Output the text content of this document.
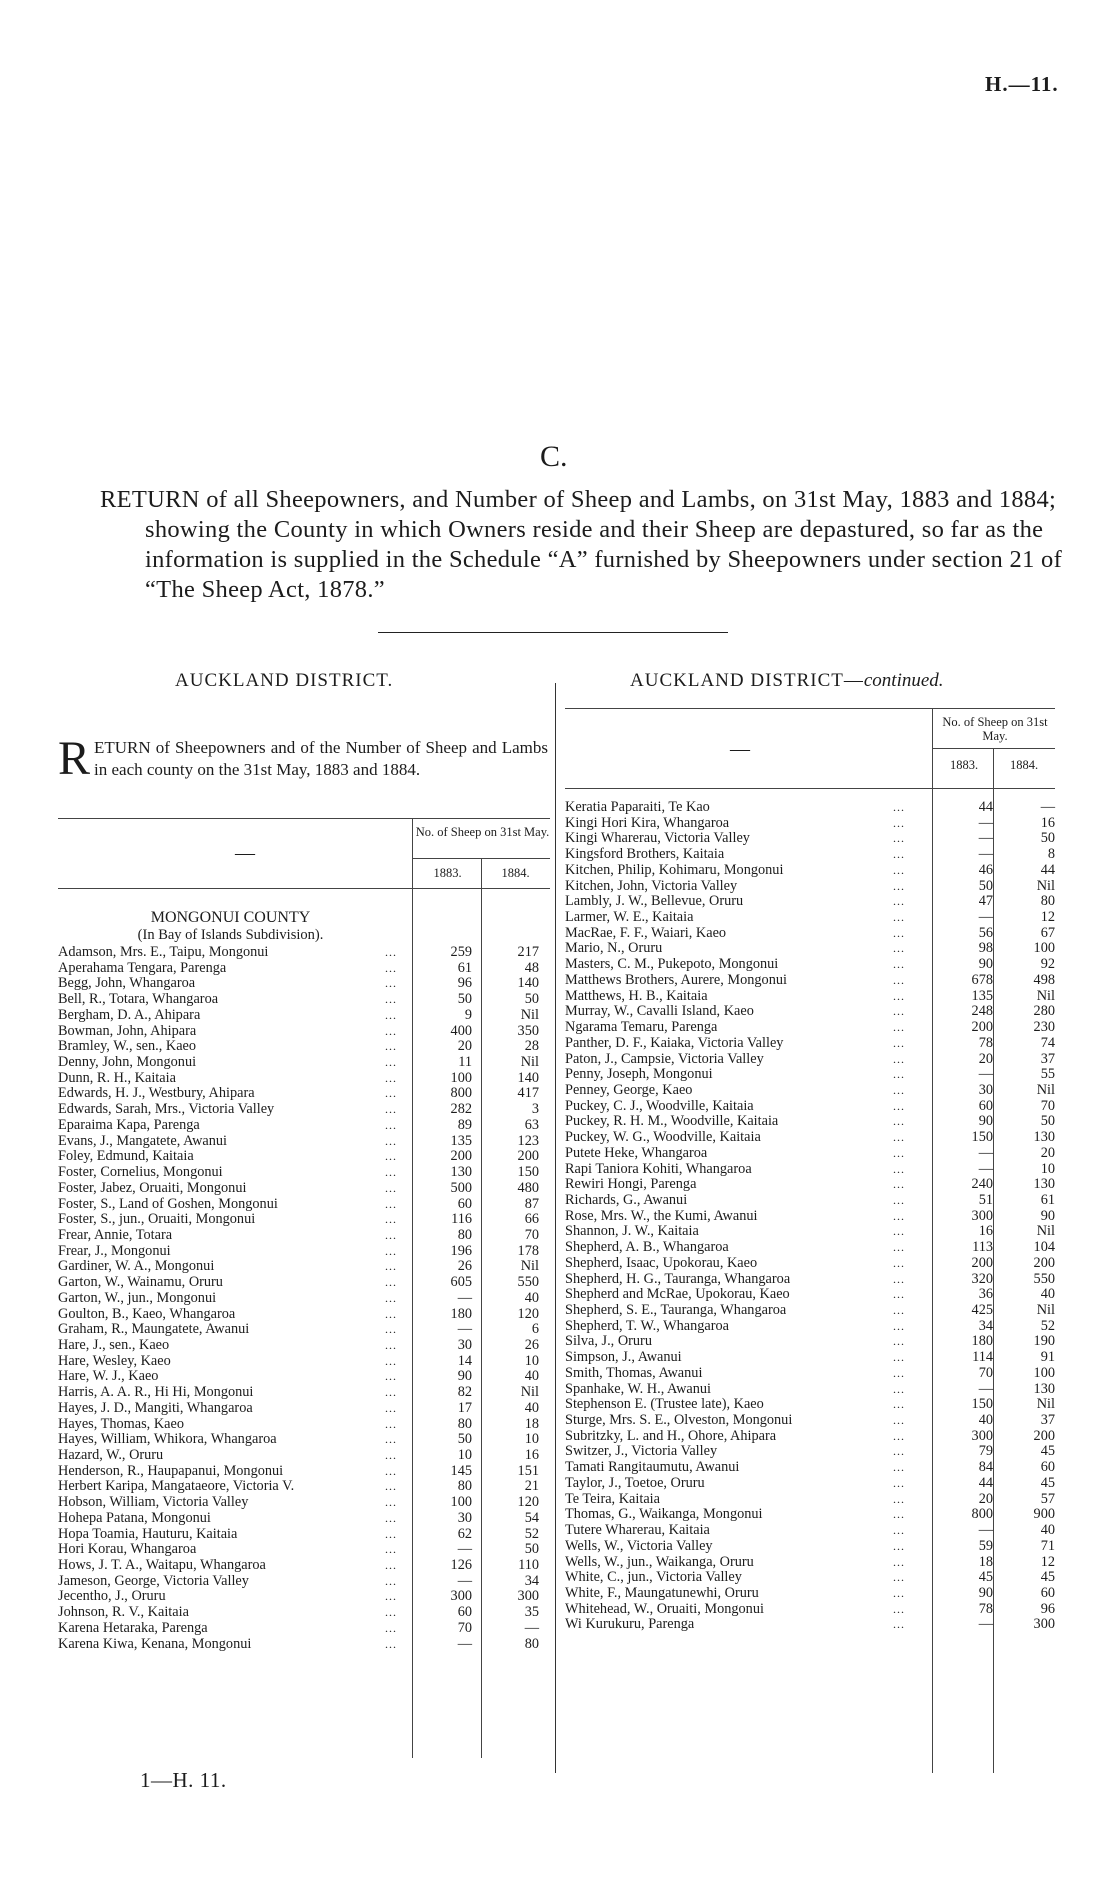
H.—11.
C.
RETURN of all Sheepowners, and Number of Sheep and Lambs, on 31st May, 1883 and 1884; showing the County in which Owners reside and their Sheep are depastured, so far as the information is supplied in the Schedule “A” furnished by Sheepowners under section 21 of “The Sheep Act, 1878.”
AUCKLAND DISTRICT.
RETURN of Sheepowners and of the Number of Sheep and Lambs in each county on the 31st May, 1883 and 1884.
—
No. of Sheep on 31st May.
1883.	1884.
MONGONUI COUNTY
(In Bay of Islands Subdivision).
Adamson, Mrs. E., Taipu, Mongonui	...	259	217
Aperahama Tengara, Parenga	...	61	48
Begg, John, Whangaroa	...	96	140
Bell, R., Totara, Whangaroa	...	50	50
Bergham, D. A., Ahipara	...	9	Nil
Bowman, John, Ahipara	...	400	350
Bramley, W., sen., Kaeo	...	20	28
Denny, John, Mongonui	...	11	Nil
Dunn, R. H., Kaitaia	...	100	140
Edwards, H. J., Westbury, Ahipara	...	800	417
Edwards, Sarah, Mrs., Victoria Valley	...	282	3
Eparaima Kapa, Parenga	...	89	63
Evans, J., Mangatete, Awanui	...	135	123
Foley, Edmund, Kaitaia	...	200	200
Foster, Cornelius, Mongonui	...	130	150
Foster, Jabez, Oruaiti, Mongonui	...	500	480
Foster, S., Land of Goshen, Mongonui	...	60	87
Foster, S., jun., Oruaiti, Mongonui	...	116	66
Frear, Annie, Totara	...	80	70
Frear, J., Mongonui	...	196	178
Gardiner, W. A., Mongonui	...	26	Nil
Garton, W., Wainamu, Oruru	...	605	550
Garton, W., jun., Mongonui	...	—	40
Goulton, B., Kaeo, Whangaroa	...	180	120
Graham, R., Maungatete, Awanui	...	—	6
Hare, J., sen., Kaeo	...	30	26
Hare, Wesley, Kaeo	...	14	10
Hare, W. J., Kaeo	...	90	40
Harris, A. A. R., Hi Hi, Mongonui	...	82	Nil
Hayes, J. D., Mangiti, Whangaroa	...	17	40
Hayes, Thomas, Kaeo	...	80	18
Hayes, William, Whikora, Whangaroa	...	50	10
Hazard, W., Oruru	...	10	16
Henderson, R., Haupapanui, Mongonui	...	145	151
Herbert Karipa, Mangataeore, Victoria V.	...	80	21
Hobson, William, Victoria Valley	...	100	120
Hohepa Patana, Mongonui	...	30	54
Hopa Toamia, Hauturu, Kaitaia	...	62	52
Hori Korau, Whangaroa	...	—	50
Hows, J. T. A., Waitapu, Whangaroa	...	126	110
Jameson, George, Victoria Valley	...	—	34
Jecentho, J., Oruru	...	300	300
Johnson, R. V., Kaitaia	...	60	35
Karena Hetaraka, Parenga	...	70	—
Karena Kiwa, Kenana, Mongonui	...	—	80
AUCKLAND DISTRICT—continued.
—
No. of Sheep on 31st May.
1883.	1884.
Keratia Paparaiti, Te Kao	...	44	—
Kingi Hori Kira, Whangaroa	...	—	16
Kingi Wharerau, Victoria Valley	...	—	50
Kingsford Brothers, Kaitaia	...	—	8
Kitchen, Philip, Kohimaru, Mongonui	...	46	44
Kitchen, John, Victoria Valley	...	50	Nil
Lambly, J. W., Bellevue, Oruru	...	47	80
Larmer, W. E., Kaitaia	...	—	12
MacRae, F. F., Waiari, Kaeo	...	56	67
Mario, N., Oruru	...	98	100
Masters, C. M., Pukepoto, Mongonui	...	90	92
Matthews Brothers, Aurere, Mongonui	...	678	498
Matthews, H. B., Kaitaia	...	135	Nil
Murray, W., Cavalli Island, Kaeo	...	248	280
Ngarama Temaru, Parenga	...	200	230
Panther, D. F., Kaiaka, Victoria Valley	...	78	74
Paton, J., Campsie, Victoria Valley	...	20	37
Penny, Joseph, Mongonui	...	—	55
Penney, George, Kaeo	...	30	Nil
Puckey, C. J., Woodville, Kaitaia	...	60	70
Puckey, R. H. M., Woodville, Kaitaia	...	90	50
Puckey, W. G., Woodville, Kaitaia	...	150	130
Putete Heke, Whangaroa	...	—	20
Rapi Taniora Kohiti, Whangaroa	...	—	10
Rewiri Hongi, Parenga	...	240	130
Richards, G., Awanui	...	51	61
Rose, Mrs. W., the Kumi, Awanui	...	300	90
Shannon, J. W., Kaitaia	...	16	Nil
Shepherd, A. B., Whangaroa	...	113	104
Shepherd, Isaac, Upokorau, Kaeo	...	200	200
Shepherd, H. G., Tauranga, Whangaroa	...	320	550
Shepherd and McRae, Upokorau, Kaeo	...	36	40
Shepherd, S. E., Tauranga, Whangaroa	...	425	Nil
Shepherd, T. W., Whangaroa	...	34	52
Silva, J., Oruru	...	180	190
Simpson, J., Awanui	...	114	91
Smith, Thomas, Awanui	...	70	100
Spanhake, W. H., Awanui	...	—	130
Stephenson E. (Trustee late), Kaeo	...	150	Nil
Sturge, Mrs. S. E., Olveston, Mongonui	...	40	37
Subritzky, L. and H., Ohore, Ahipara	...	300	200
Switzer, J., Victoria Valley	...	79	45
Tamati Rangitaumutu, Awanui	...	84	60
Taylor, J., Toetoe, Oruru	...	44	45
Te Teira, Kaitaia	...	20	57
Thomas, G., Waikanga, Mongonui	...	800	900
Tutere Wharerau, Kaitaia	...	—	40
Wells, W., Victoria Valley	...	59	71
Wells, W., jun., Waikanga, Oruru	...	18	12
White, C., jun., Victoria Valley	...	45	45
White, F., Maungatunewhi, Oruru	...	90	60
Whitehead, W., Oruaiti, Mongonui	...	78	96
Wi Kurukuru, Parenga	...	—	300
1—H. 11.
